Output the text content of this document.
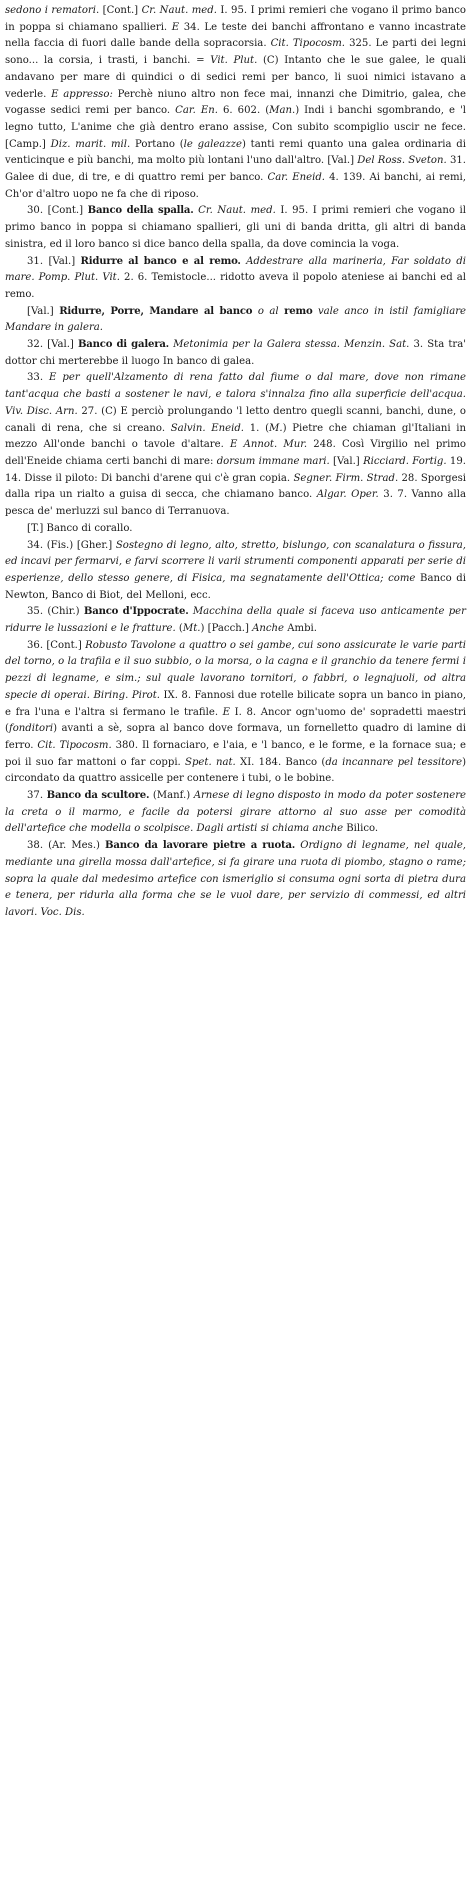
sedono i rematori. [Cont.] Cr. Naut. med. I. 95. I primi remieri che vogano il primo banco in poppa si chiamano spallieri. E 34. Le teste dei banchi affrontano e vanno incastrate nella faccia di fuori dalle bande della sopracorsia. Cit. Tipocosm. 325. Le parti dei legni sono... la corsia, i trasti, i banchi. = Vit. Plut. (C) Intanto che le sue galee, le quali andavano per mare di quindici o di sedici remi per banco, li suoi nimici istavano a vederle. E appresso: Perchè niuno altro non fece mai, innanzi che Dimitrio, galea, che vogasse sedici remi per banco. Car. En. 6. 602. (Man.) Indi i banchi sgombrando, e 'l legno tutto, L'anime che già dentro erano assise, Con subito scompiglio uscir ne fece. [Camp.] Diz. marit. mil. Portano (le galeazze) tanti remi quanto una galea ordinaria di venticinque e più banchi, ma molto più lontani l'uno dall'altro. [Val.] Del Ross. Sveton. 31. Galee di due, di tre, e di quattro remi per banco. Car. Eneid. 4. 139. Ai banchi, ai remi, Ch'or d'altro uopo ne fa che di riposo.

30. [Cont.] Banco della spalla. Cr. Naut. med. I. 95. I primi remieri che vogano il primo banco in poppa si chiamano spallieri, gli uni di banda dritta, gli altri di banda sinistra, ed il loro banco si dice banco della spalla, da dove comincia la voga.

31. [Val.] Ridurre al banco e al remo. Addestrare alla marineria, Far soldato di mare. Pomp. Plut. Vit. 2. 6. Temistocle... ridotto aveva il popolo ateniese ai banchi ed al remo.

[Val.] Ridurre, Porre, Mandare al banco o al remo vale anco in istil famigliare Mandare in galera.

32. [Val.] Banco di galera. Metonimia per la Galera stessa. Menzin. Sat. 3. Sta tra' dottor chi merterebbe il luogo In banco di galea.

33. E per quell'Alzamento di rena fatto dal fiume o dal mare, dove non rimane tant'acqua che basti a sostener le navi, e talora s'innalza fino alla superficie dell'acqua. Viv. Disc. Arn. 27. (C) E perciò prolungando 'l letto dentro quegli scanni, banchi, dune, o canali di rena, che si creano. Salvin. Eneid. 1. (M.) Pietre che chiaman gl'Italiani in mezzo All'onde banchi o tavole d'altare. E Annot. Mur. 248. Così Virgilio nel primo dell'Eneide chiama certi banchi di mare: dorsum immane mari. [Val.] Ricciard. Fortig. 19. 14. Disse il piloto: Di banchi d'arene qui c'è gran copia. Segner. Firm. Strad. 28. Sporgesi dalla ripa un rialto a guisa di secca, che chiamano banco. Algar. Oper. 3. 7. Vanno alla pesca de' merluzzi sul banco di Terranuova.

[T.] Banco di corallo.

34. (Fis.) [Gher.] Sostegno di legno, alto, stretto, bislungo, con scanalatura o fissura, ed incavi per fermarvi, e farvi scorrere li varii strumenti componenti apparati per serie di esperienze, dello stesso genere, di Fisica, ma segnatamente dell'Ottica; come Banco di Newton, Banco di Biot, del Melloni, ecc.

35. (Chir.) Banco d'Ippocrate. Macchina della quale si faceva uso anticamente per ridurre le lussazioni e le fratture. (Mt.) [Pacch.] Anche Ambi.

36. [Cont.] Robusto Tavolone a quattro o sei gambe, cui sono assicurate le varie parti del torno, o la trafila e il suo subbio, o la morsa, o la cagna e il granchio da tenere fermi i pezzi di legname, e sim.; sul quale lavorano tornitori, o fabbri, o legnajuoli, od altra specie di operai. Biring. Pirot. IX. 8. Fannosi due rotelle bilicate sopra un banco in piano, e fra l'una e l'altra si fermano le trafile. E I. 8. Ancor ogn'uomo de' sopradetti maestri (fonditori) avanti a sè, sopra al banco dove formava, un fornelletto quadro di lamine di ferro. Cit. Tipocosm. 380. Il fornaciaro, e l'aia, e 'l banco, e le forme, e la fornace sua; e poi il suo far mattoni o far coppi. Spet. nat. XI. 184. Banco (da incannare pel tessitore) circondato da quattro assicelle per contenere i tubi, o le bobine.

37. Banco da scultore. (Manf.) Arnese di legno disposto in modo da poter sostenere la creta o il marmo, e facile da potersi girare attorno al suo asse per comodità dell'artefice che modella o scolpisce. Dagli artisti si chiama anche Bilico.

38. (Ar. Mes.) Banco da lavorare pietre a ruota. Ordigno di legname, nel quale, mediante una girella mossa dall'artefice, si fa girare una ruota di piombo, stagno o rame; sopra la quale dal medesimo artefice con ismeriglio si consuma ogni sorta di pietra dura e tenera, per ridurla alla forma che se le vuol dare, per servizio di commessi, ed altri lavori. Voc. Dis.
